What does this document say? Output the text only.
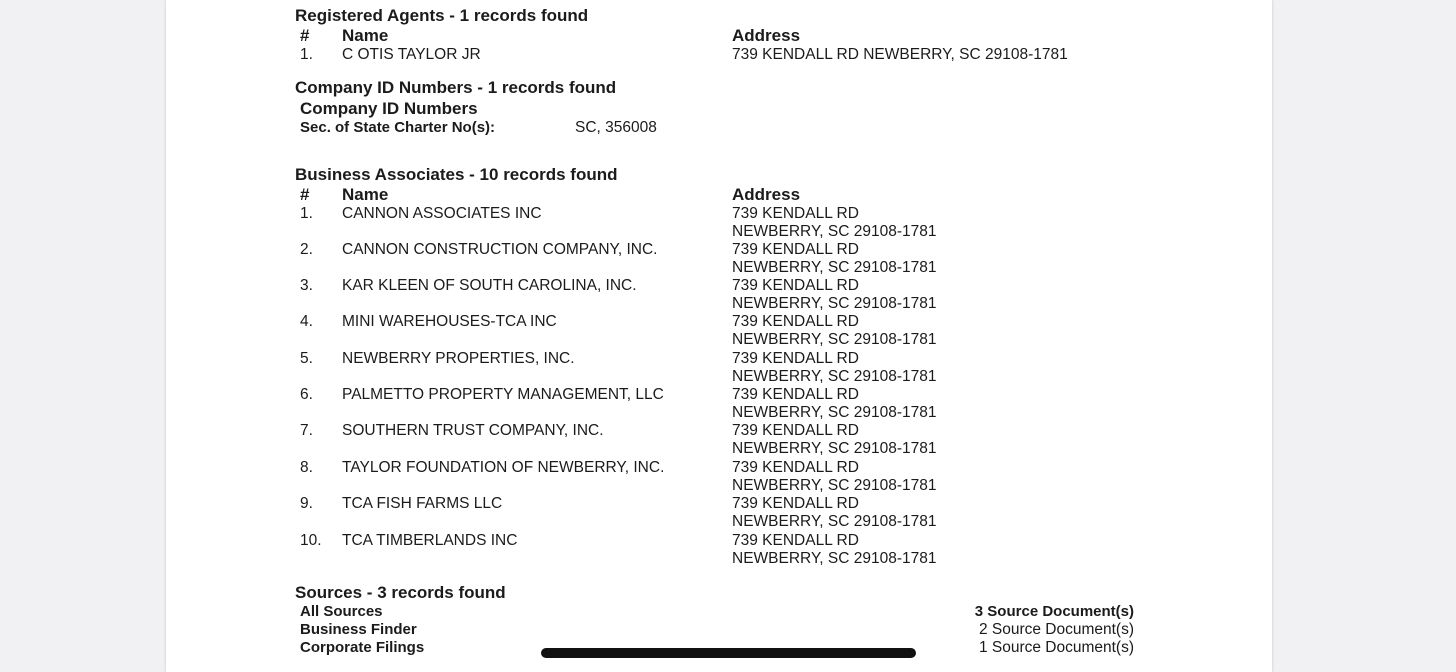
Registered Agents - 1 records found
# Name	Address
1. C OTIS TAYLOR JR	739 KENDALL RD NEWBERRY, SC 29108-1781
Company ID Numbers - 1 records found
Company ID Numbers
Sec. of State Charter No(s):	SC, 356008
Business Associates - 10 records found
# Name	Address
1. CANNON ASSOCIATES INC	739 KENDALL RD
NEWBERRY, SC 29108-1781
2. CANNON CONSTRUCTION COMPANY, INC.	739 KENDALL RD
NEWBERRY, SC 29108-1781
3. KAR KLEEN OF SOUTH CAROLINA, INC.	739 KENDALL RD
NEWBERRY, SC 29108-1781
4. MINI WAREHOUSES-TCA INC	739 KENDALL RD
NEWBERRY, SC 29108-1781
5. NEWBERRY PROPERTIES, INC.	739 KENDALL RD
NEWBERRY, SC 29108-1781
6. PALMETTO PROPERTY MANAGEMENT, LLC	739 KENDALL RD
NEWBERRY, SC 29108-1781
7. SOUTHERN TRUST COMPANY, INC.	739 KENDALL RD
NEWBERRY, SC 29108-1781
8. TAYLOR FOUNDATION OF NEWBERRY, INC.	739 KENDALL RD
NEWBERRY, SC 29108-1781
9. TCA FISH FARMS LLC	739 KENDALL RD
NEWBERRY, SC 29108-1781
10. TCA TIMBERLANDS INC	739 KENDALL RD
NEWBERRY, SC 29108-1781
Sources - 3 records found
All Sources	3 Source Document(s)
Business Finder	2 Source Document(s)
Corporate Filings	1 Source Document(s)
